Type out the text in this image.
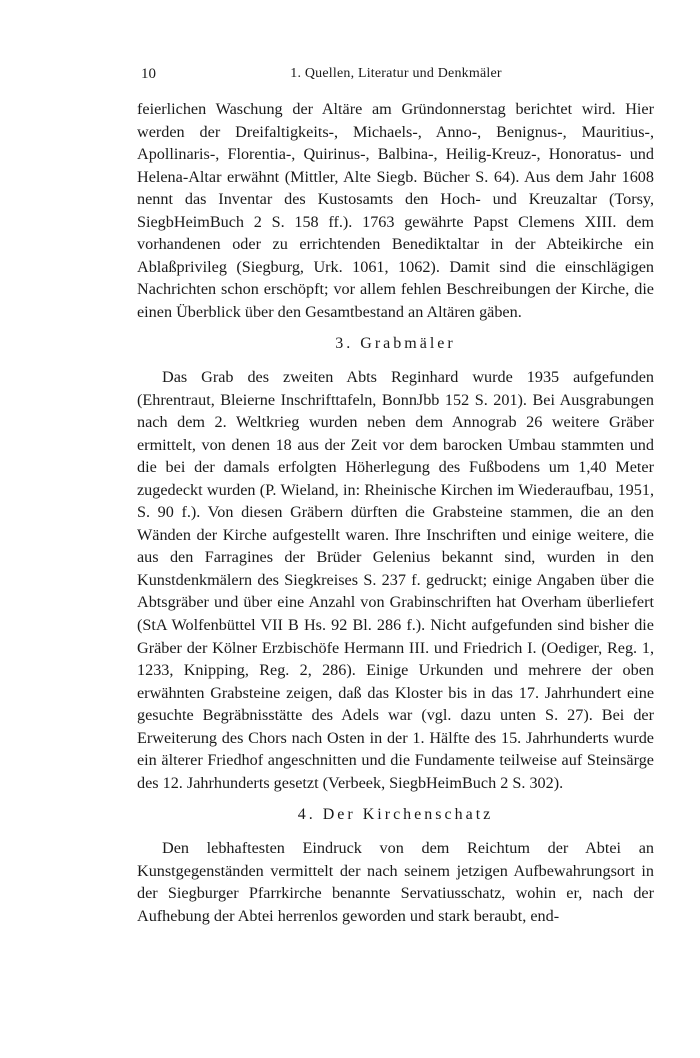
10	1. Quellen, Literatur und Denkmäler

feierlichen Waschung der Altäre am Gründonnerstag berichtet wird. Hier werden der Dreifaltigkeits-, Michaels-, Anno-, Benignus-, Mauritius-, Apollinaris-, Florentia-, Quirinus-, Balbina-, Heilig-Kreuz-, Honoratus- und Helena-Altar erwähnt (Mittler, Alte Siegb. Bücher S. 64). Aus dem Jahr 1608 nennt das Inventar des Kustosamts den Hoch- und Kreuzaltar (Torsy, SiegbHeimBuch 2 S. 158 ff.). 1763 gewährte Papst Clemens XIII. dem vorhandenen oder zu errichtenden Benediktaltar in der Abteikirche ein Ablaßprivileg (Siegburg, Urk. 1061, 1062). Damit sind die einschlägigen Nachrichten schon erschöpft; vor allem fehlen Beschreibungen der Kirche, die einen Überblick über den Gesamtbestand an Altären gäben.

3. Grabmäler

Das Grab des zweiten Abts Reginhard wurde 1935 aufgefunden (Ehrentraut, Bleierne Inschrifttafeln, BonnJbb 152 S. 201). Bei Ausgrabungen nach dem 2. Weltkrieg wurden neben dem Annograb 26 weitere Gräber ermittelt, von denen 18 aus der Zeit vor dem barocken Umbau stammten und die bei der damals erfolgten Höherlegung des Fußbodens um 1,40 Meter zugedeckt wurden (P. Wieland, in: Rheinische Kirchen im Wiederaufbau, 1951, S. 90 f.). Von diesen Gräbern dürften die Grabsteine stammen, die an den Wänden der Kirche aufgestellt waren. Ihre Inschriften und einige weitere, die aus den Farragines der Brüder Gelenius bekannt sind, wurden in den Kunstdenkmälern des Siegkreises S. 237 f. gedruckt; einige Angaben über die Abtsgräber und über eine Anzahl von Grabinschriften hat Overham überliefert (StA Wolfenbüttel VII B Hs. 92 Bl. 286 f.). Nicht aufgefunden sind bisher die Gräber der Kölner Erzbischöfe Hermann III. und Friedrich I. (Oediger, Reg. 1, 1233, Knipping, Reg. 2, 286). Einige Urkunden und mehrere der oben erwähnten Grabsteine zeigen, daß das Kloster bis in das 17. Jahrhundert eine gesuchte Begräbnisstätte des Adels war (vgl. dazu unten S. 27). Bei der Erweiterung des Chors nach Osten in der 1. Hälfte des 15. Jahrhunderts wurde ein älterer Friedhof angeschnitten und die Fundamente teilweise auf Steinsärge des 12. Jahrhunderts gesetzt (Verbeek, SiegbHeimBuch 2 S. 302).

4. Der Kirchenschatz

Den lebhaftesten Eindruck von dem Reichtum der Abtei an Kunstgegenständen vermittelt der nach seinem jetzigen Aufbewahrungsort in der Siegburger Pfarrkirche benannte Servatiusschatz, wohin er, nach der Aufhebung der Abtei herrenlos geworden und stark beraubt, end-
